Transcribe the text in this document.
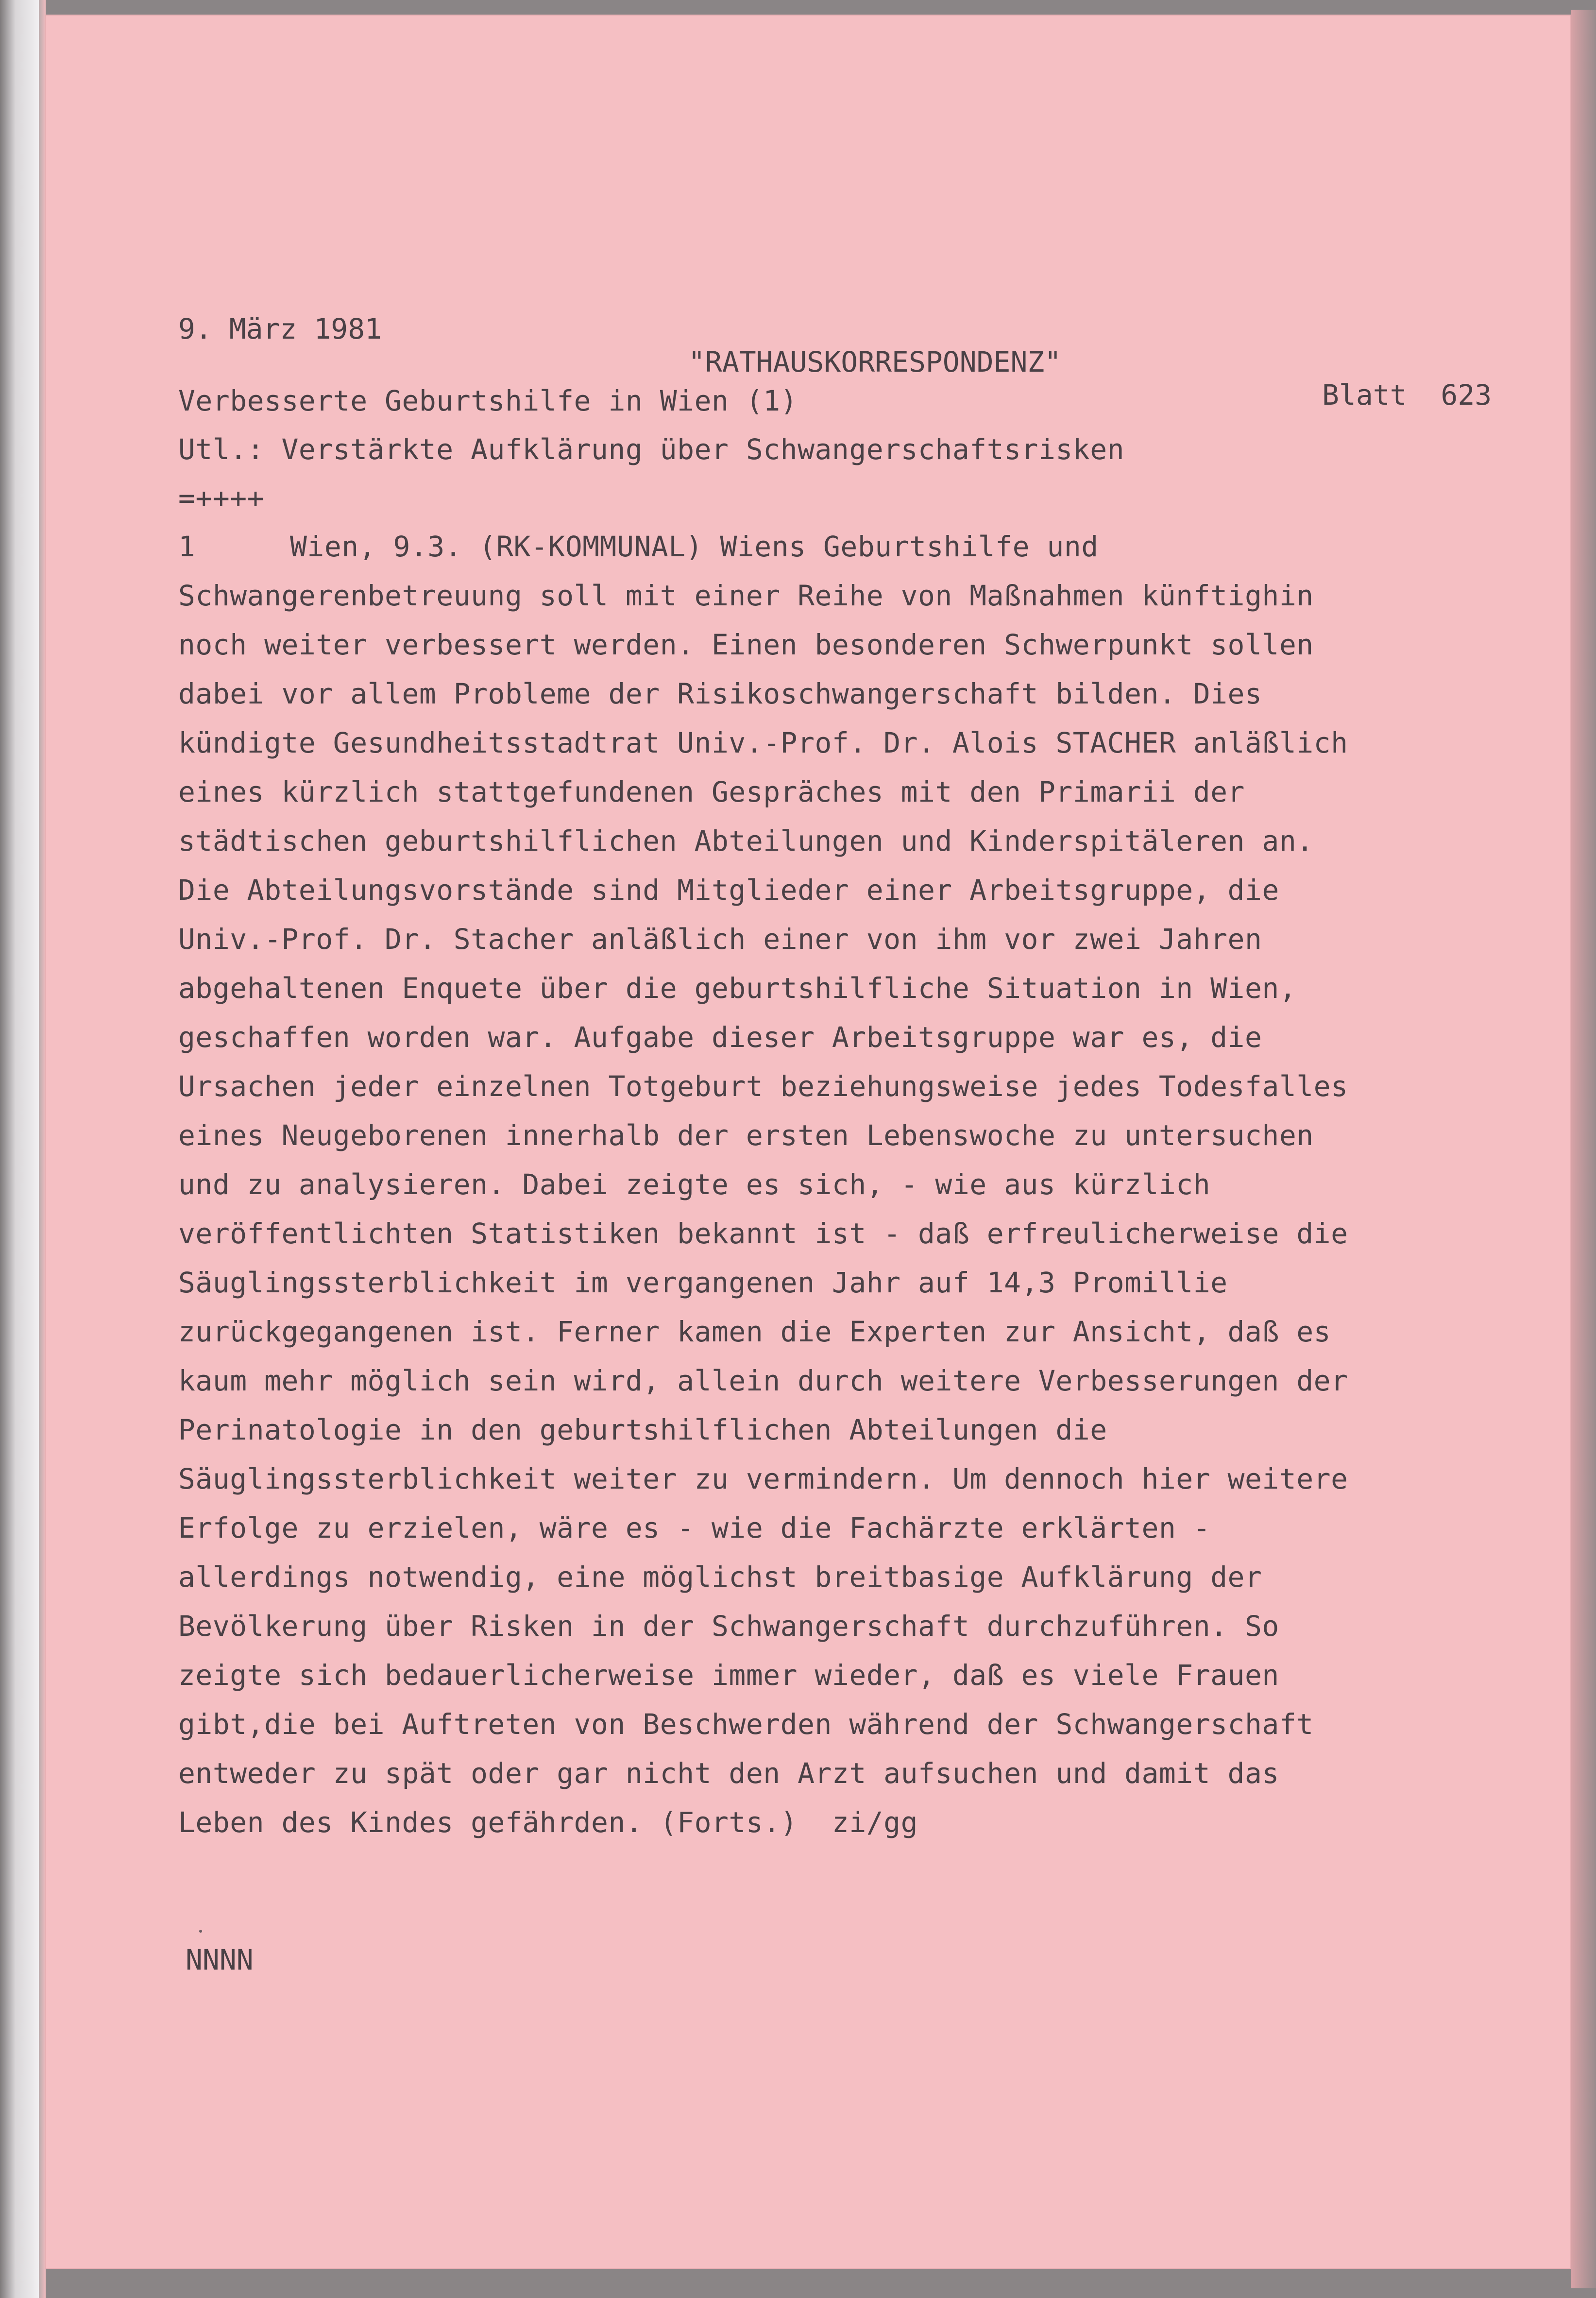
9. März 1981

"RATHAUSKORRESPONDENZ"

Blatt  623

Verbesserte Geburtshilfe in Wien (1)
Utl.: Verstärkte Aufklärung über Schwangerschaftsrisken
=++++
1	Wien, 9.3. (RK-KOMMUNAL) Wiens Geburtshilfe und
Schwangerenbetreuung soll mit einer Reihe von Maßnahmen künftighin
noch weiter verbessert werden. Einen besonderen Schwerpunkt sollen
dabei vor allem Probleme der Risikoschwangerschaft bilden. Dies
kündigte Gesundheitsstadtrat Univ.-Prof. Dr. Alois STACHER anläßlich
eines kürzlich stattgefundenen Gespräches mit den Primarii der
städtischen geburtshilflichen Abteilungen und Kinderspitäleren an.
Die Abteilungsvorstände sind Mitglieder einer Arbeitsgruppe, die
Univ.-Prof. Dr. Stacher anläßlich einer von ihm vor zwei Jahren
abgehaltenen Enquete über die geburtshilfliche Situation in Wien,
geschaffen worden war. Aufgabe dieser Arbeitsgruppe war es, die
Ursachen jeder einzelnen Totgeburt beziehungsweise jedes Todesfalles
eines Neugeborenen innerhalb der ersten Lebenswoche zu untersuchen
und zu analysieren. Dabei zeigte es sich, - wie aus kürzlich
veröffentlichten Statistiken bekannt ist - daß erfreulicherweise die
Säuglingssterblichkeit im vergangenen Jahr auf 14,3 Promillie
zurückgegangenen ist. Ferner kamen die Experten zur Ansicht, daß es
kaum mehr möglich sein wird, allein durch weitere Verbesserungen der
Perinatologie in den geburtshilflichen Abteilungen die
Säuglingssterblichkeit weiter zu vermindern. Um dennoch hier weitere
Erfolge zu erzielen, wäre es - wie die Fachärzte erklärten -
allerdings notwendig, eine möglichst breitbasige Aufklärung der
Bevölkerung über Risken in der Schwangerschaft durchzuführen. So
zeigte sich bedauerlicherweise immer wieder, daß es viele Frauen
gibt,die bei Auftreten von Beschwerden während der Schwangerschaft
entweder zu spät oder gar nicht den Arzt aufsuchen und damit das
Leben des Kindes gefährden. (Forts.)  zi/gg
NNNN
